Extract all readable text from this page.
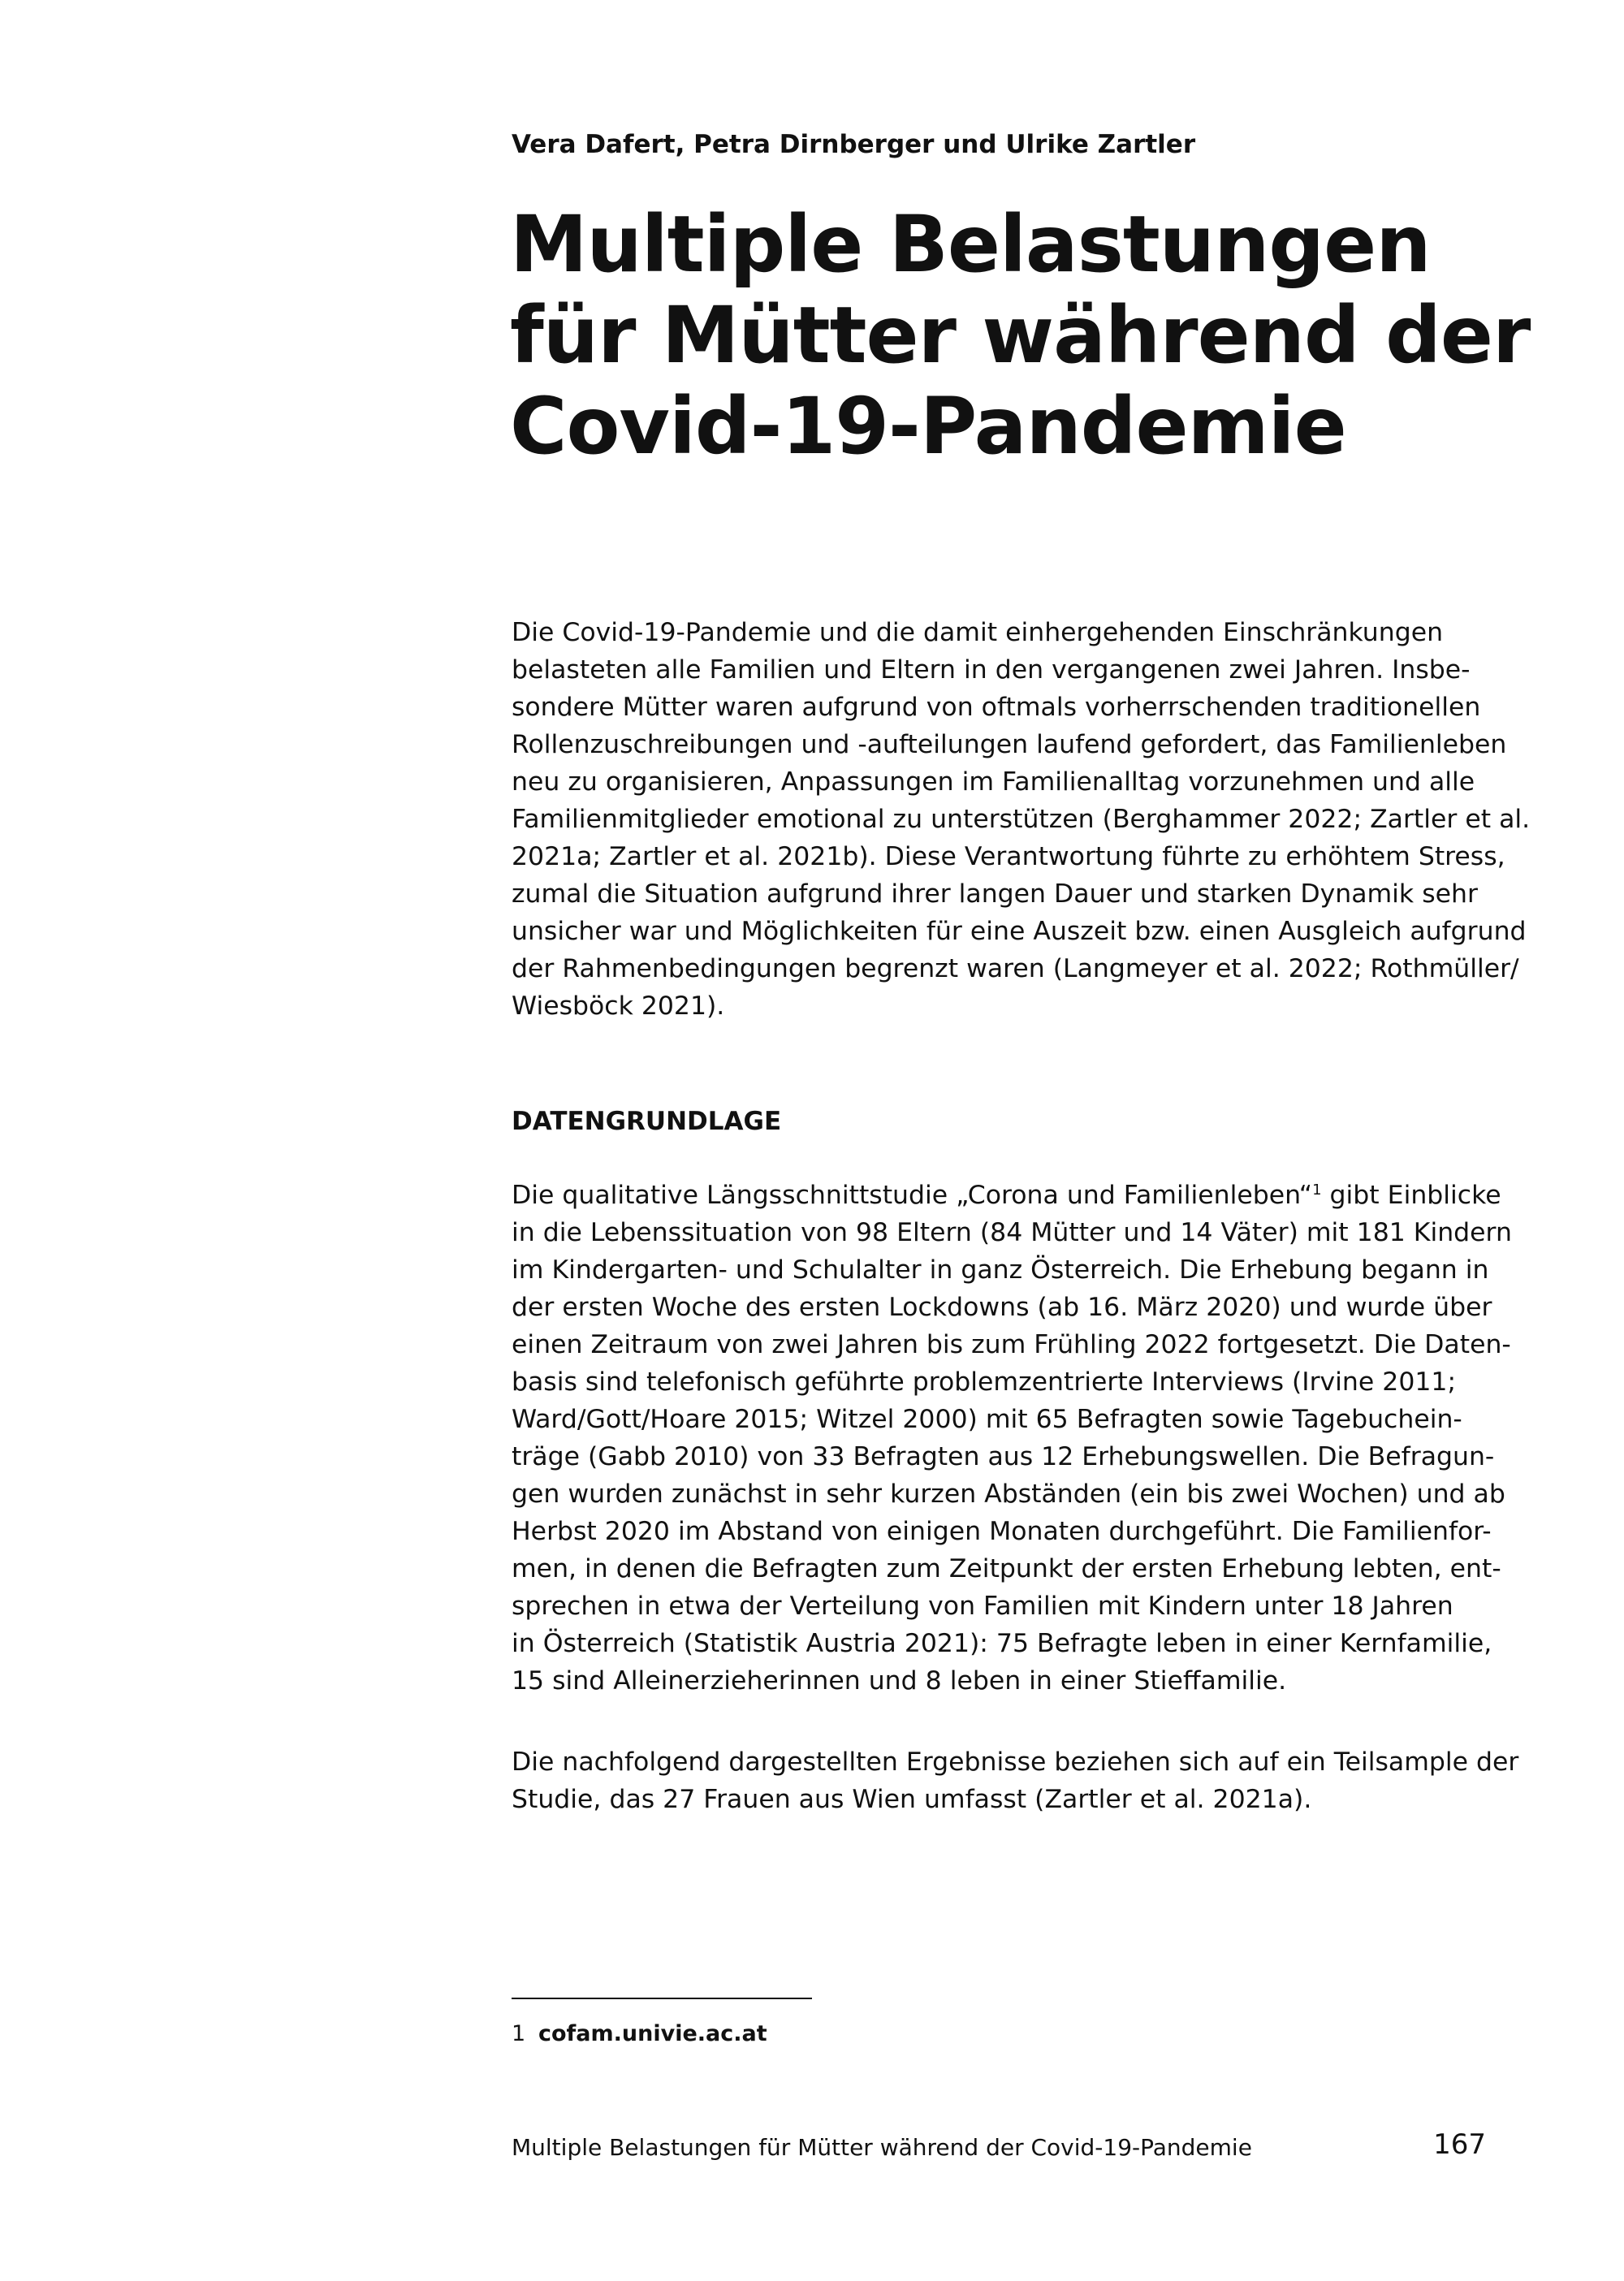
Vera Dafert, Petra Dirnberger und Ulrike Zartler

Multiple Belastungen
für Mütter während der
Covid-19-Pandemie
Die Covid-19-Pandemie und die damit einhergehenden Einschränkungen
belasteten alle Familien und Eltern in den vergangenen zwei Jahren. Insbe-
sondere Mütter waren aufgrund von oftmals vorherrschenden traditionellen
Rollenzuschreibungen und -aufteilungen laufend gefordert, das Familienleben
neu zu organisieren, Anpassungen im Familienalltag vorzunehmen und alle
Familienmitglieder emotional zu unterstützen (Berghammer 2022; Zartler et al.
2021a; Zartler et al. 2021b). Diese Verantwortung führte zu erhöhtem Stress,
zumal die Situation aufgrund ihrer langen Dauer und starken Dynamik sehr
unsicher war und Möglichkeiten für eine Auszeit bzw. einen Ausgleich aufgrund
der Rahmenbedingungen begrenzt waren (Langmeyer et al. 2022; Rothmüller/
Wiesböck 2021).
DATENGRUNDLAGE
Die qualitative Längsschnittstudie „Corona und Familienleben“$^1$ gibt Einblicke
in die Lebenssituation von 98 Eltern (84 Mütter und 14 Väter) mit 181 Kindern
im Kindergarten- und Schulalter in ganz Österreich. Die Erhebung begann in
der ersten Woche des ersten Lockdowns (ab 16. März 2020) und wurde über
einen Zeitraum von zwei Jahren bis zum Frühling 2022 fortgesetzt. Die Daten-
basis sind telefonisch geführte problemzentrierte Interviews (Irvine 2011;
Ward/Gott/Hoare 2015; Witzel 2000) mit 65 Befragten sowie Tagebuchein-
träge (Gabb 2010) von 33 Befragten aus 12 Erhebungswellen. Die Befragun-
gen wurden zunächst in sehr kurzen Abständen (ein bis zwei Wochen) und ab
Herbst 2020 im Abstand von einigen Monaten durchgeführt. Die Familienfor-
men, in denen die Befragten zum Zeitpunkt der ersten Erhebung lebten, ent-
sprechen in etwa der Verteilung von Familien mit Kindern unter 18 Jahren
in Österreich (Statistik Austria 2021): 75 Befragte leben in einer Kernfamilie,
15 sind Alleinerzieherinnen und 8 leben in einer Stieffamilie.
Die nachfolgend dargestellten Ergebnisse beziehen sich auf ein Teilsample der
Studie, das 27 Frauen aus Wien umfasst (Zartler et al. 2021a).
1 cofam.univie.ac.at
Multiple Belastungen für Mütter während der Covid-19-Pandemie	167
